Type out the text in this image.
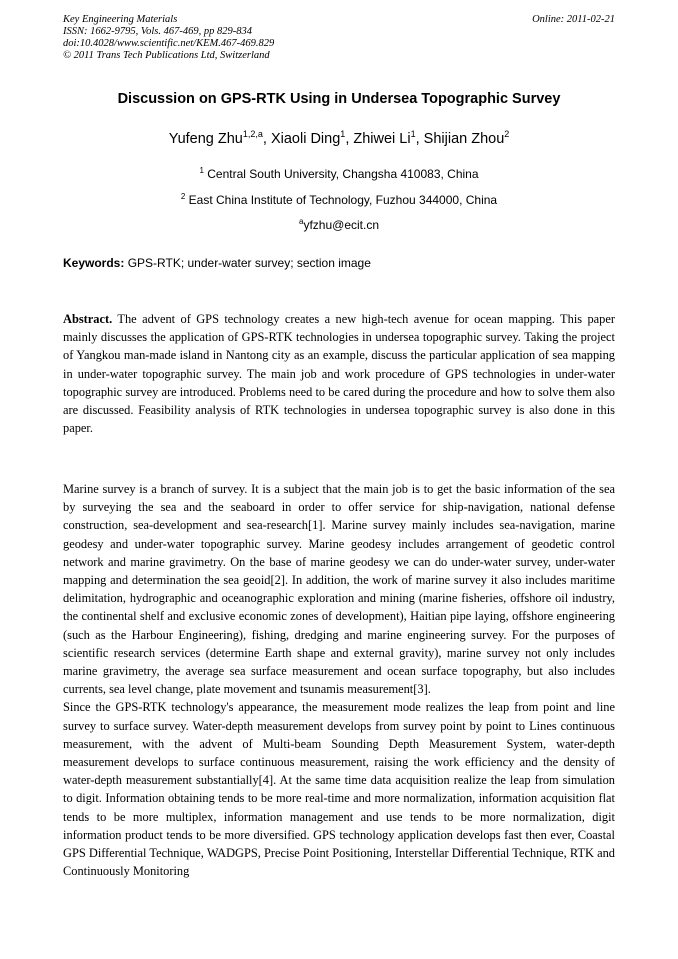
Key Engineering Materials
ISSN: 1662-9795, Vols. 467-469, pp 829-834
doi:10.4028/www.scientific.net/KEM.467-469.829
© 2011 Trans Tech Publications Ltd, Switzerland
Online: 2011-02-21
Discussion on GPS-RTK Using in Undersea Topographic Survey
Yufeng Zhu$^{1,2,a}$, Xiaoli Ding$^1$, Zhiwei Li$^1$, Shijian Zhou$^2$
$^1$ Central South University, Changsha 410083, China
$^2$ East China Institute of Technology, Fuzhou 344000, China
$^a$yfzhu@ecit.cn
Keywords: GPS-RTK; under-water survey; section image

Abstract. The advent of GPS technology creates a new high-tech avenue for ocean mapping. This paper mainly discusses the application of GPS-RTK technologies in undersea topographic survey. Taking the project of Yangkou man-made island in Nantong city as an example, discuss the particular application of sea mapping in under-water topographic survey. The main job and work procedure of GPS technologies in under-water topographic survey are introduced. Problems need to be cared during the procedure and how to solve them also are discussed. Feasibility analysis of RTK technologies in undersea topographic survey is also done in this paper.

Marine survey is a branch of survey. It is a subject that the main job is to get the basic information of the sea by surveying the sea and the seaboard in order to offer service for ship-navigation, national defense construction, sea-development and sea-research[1]. Marine survey mainly includes sea-navigation, marine geodesy and under-water topographic survey. Marine geodesy includes arrangement of geodetic control network and marine gravimetry. On the base of marine geodesy we can do under-water survey, under-water mapping and determination the sea geoid[2]. In addition, the work of marine survey it also includes maritime delimitation, hydrographic and oceanographic exploration and mining (marine fisheries, offshore oil industry, the continental shelf and exclusive economic zones of development), Haitian pipe laying, offshore engineering (such as the Harbour Engineering), fishing, dredging and marine engineering survey. For the purposes of scientific research services (determine Earth shape and external gravity), marine survey not only includes marine gravimetry, the average sea surface measurement and ocean surface topography, but also includes currents, sea level change, plate movement and tsunamis measurement[3].
Since the GPS-RTK technology's appearance, the measurement mode realizes the leap from point and line survey to surface survey. Water-depth measurement develops from survey point by point to Lines continuous measurement, with the advent of Multi-beam Sounding Depth Measurement System, water-depth measurement develops to surface continuous measurement, raising the work efficiency and the density of water-depth measurement substantially[4]. At the same time data acquisition realize the leap from simulation to digit. Information obtaining tends to be more real-time and more normalization, information acquisition flat tends to be more multiplex, information management and use tends to be more normalization, digit information product tends to be more diversified. GPS technology application develops fast then ever, Coastal GPS Differential Technique, WADGPS, Precise Point Positioning, Interstellar Differential Technique, RTK and Continuously Monitoring
